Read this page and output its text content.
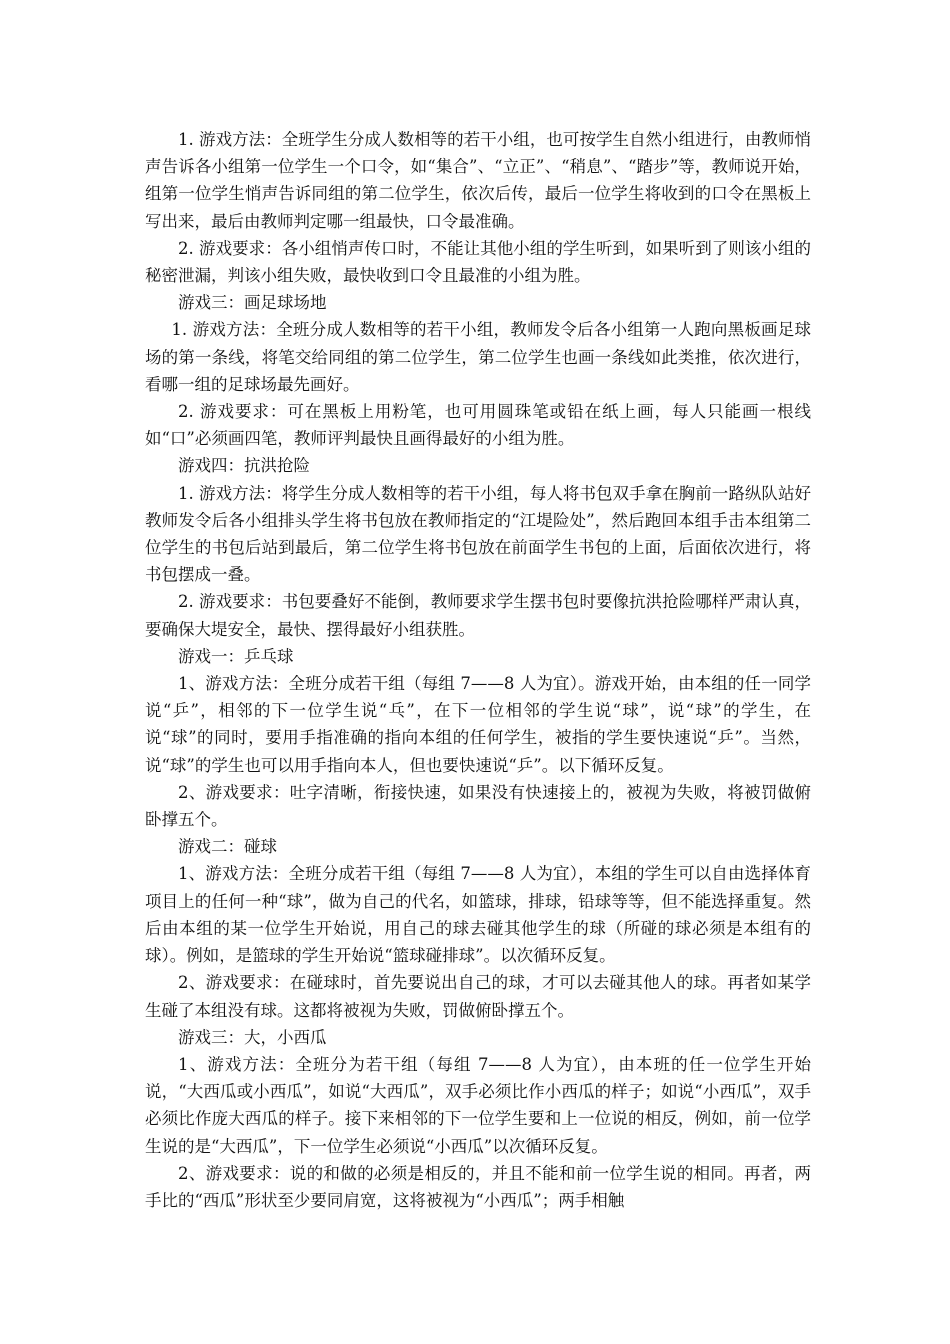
1. 游戏方法：全班学生分成人数相等的若干小组，也可按学生自然小组进行，由教师悄声告诉各小组第一位学生一个口令，如“集合”、“立正”、“稍息”、“踏步”等，教师说开始，组第一位学生悄声告诉同组的第二位学生，依次后传，最后一位学生将收到的口令在黑板上写出来，最后由教师判定哪一组最快，口令最准确。

2. 游戏要求：各小组悄声传口时，不能让其他小组的学生听到，如果听到了则该小组的秘密泄漏，判该小组失败，最快收到口令且最准的小组为胜。

游戏三：画足球场地

1. 游戏方法：全班分成人数相等的若干小组，教师发令后各小组第一人跑向黑板画足球场的第一条线，将笔交给同组的第二位学生，第二位学生也画一条线如此类推，依次进行，看哪一组的足球场最先画好。

2. 游戏要求：可在黑板上用粉笔，也可用圆珠笔或铅在纸上画，每人只能画一根线如“口”必须画四笔，教师评判最快且画得最好的小组为胜。

游戏四：抗洪抢险

1. 游戏方法：将学生分成人数相等的若干小组，每人将书包双手拿在胸前一路纵队站好教师发令后各小组排头学生将书包放在教师指定的“江堤险处”，然后跑回本组手击本组第二位学生的书包后站到最后，第二位学生将书包放在前面学生书包的上面，后面依次进行，将书包摆成一叠。

2. 游戏要求：书包要叠好不能倒，教师要求学生摆书包时要像抗洪抢险哪样严肃认真，要确保大堤安全，最快、摆得最好小组获胜。

游戏一：乒乓球

1、游戏方法：全班分成若干组（每组 7——8 人为宜）。游戏开始，由本组的任一同学说“乒”，相邻的下一位学生说“乓”，在下一位相邻的学生说“球”，说“球”的学生，在说“球”的同时，要用手指准确的指向本组的任何学生，被指的学生要快速说“乒”。当然，说“球”的学生也可以用手指向本人，但也要快速说“乒”。以下循环反复。

2、游戏要求：吐字清晰，衔接快速，如果没有快速接上的，被视为失败，将被罚做俯卧撑五个。

游戏二：碰球

1、游戏方法：全班分成若干组（每组 7——8 人为宜），本组的学生可以自由选择体育项目上的任何一种“球”，做为自己的代名，如篮球，排球，铅球等等，但不能选择重复。然后由本组的某一位学生开始说，用自己的球去碰其他学生的球（所碰的球必须是本组有的球）。例如，是篮球的学生开始说“篮球碰排球”。以次循环反复。

2、游戏要求：在碰球时，首先要说出自己的球，才可以去碰其他人的球。再者如某学生碰了本组没有球。这都将被视为失败，罚做俯卧撑五个。

游戏三：大，小西瓜

1、游戏方法：全班分为若干组（每组 7——8 人为宜），由本班的任一位学生开始说，“大西瓜或小西瓜”，如说“大西瓜”，双手必须比作小西瓜的样子；如说“小西瓜”，双手必须比作庞大西瓜的样子。接下来相邻的下一位学生要和上一位说的相反，例如，前一位学生说的是“大西瓜”，下一位学生必须说“小西瓜”以次循环反复。

2、游戏要求：说的和做的必须是相反的，并且不能和前一位学生说的相同。再者，两手比的“西瓜”形状至少要同肩宽，这将被视为“小西瓜”；两手相触
